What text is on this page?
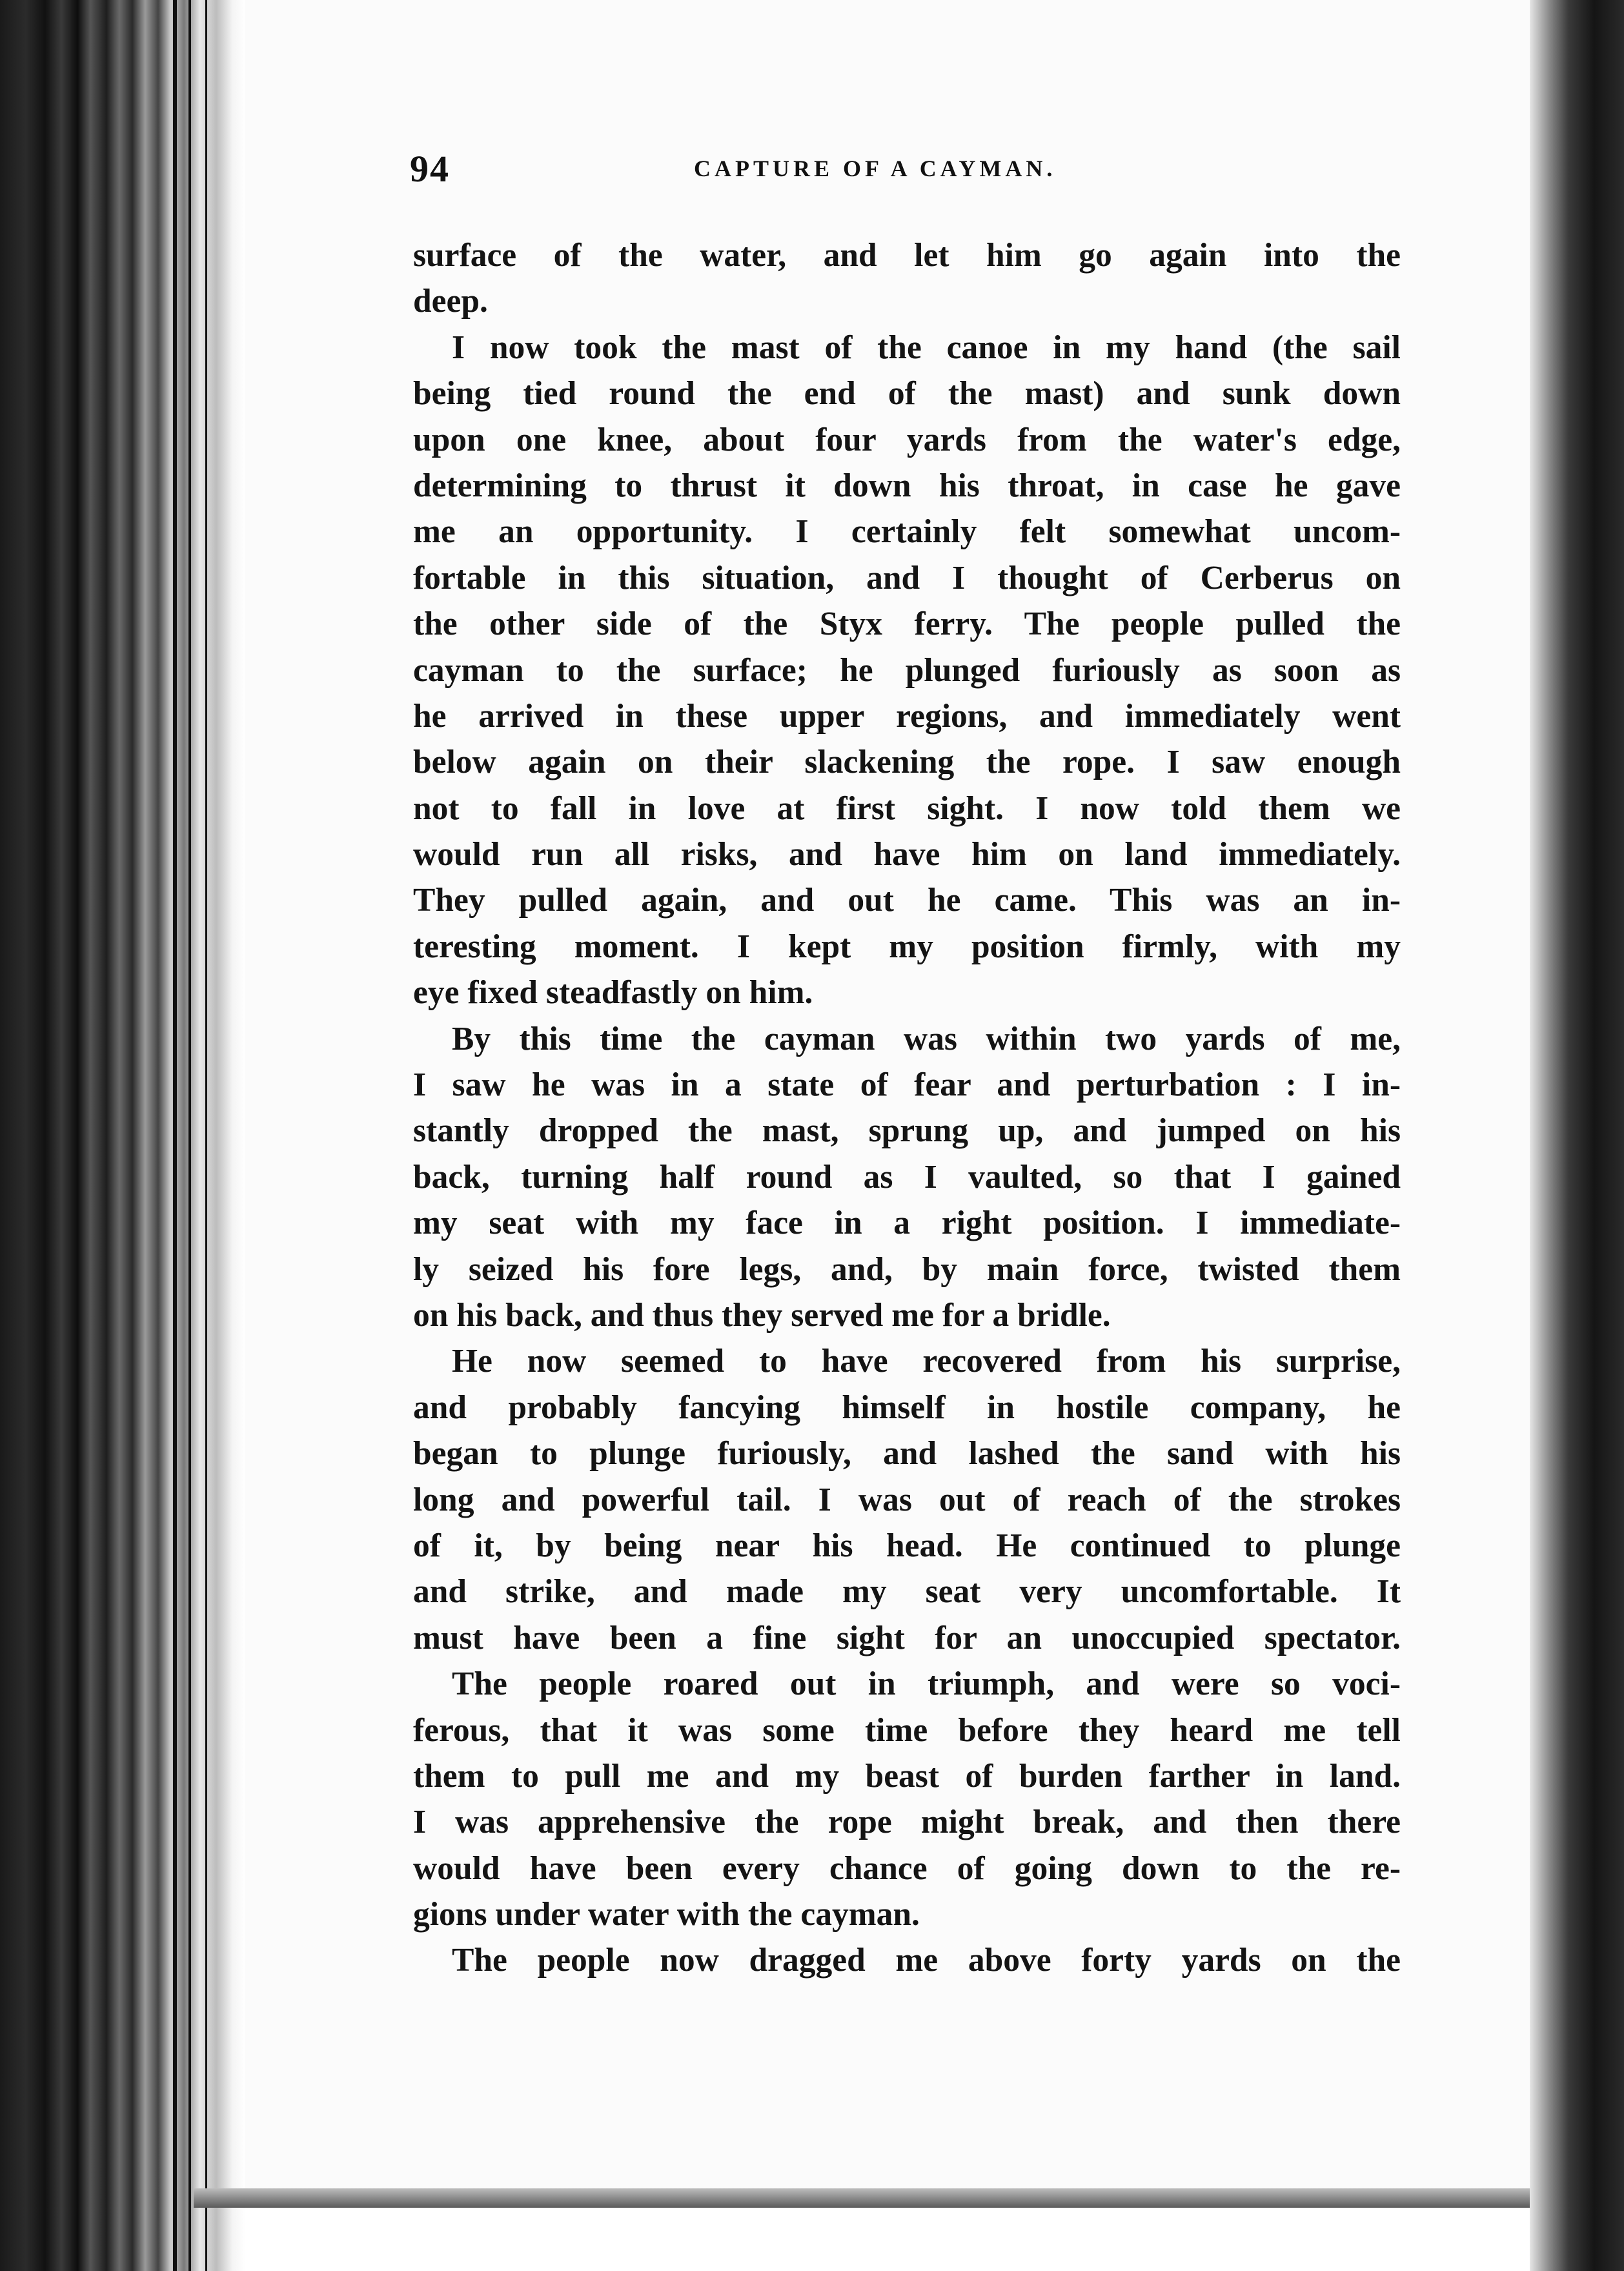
94	CAPTURE OF A CAYMAN.
surface of the water, and let him go again into the
deep.
I now took the mast of the canoe in my hand (the sail
being tied round the end of the mast) and sunk down
upon one knee, about four yards from the water's edge,
determining to thrust it down his throat, in case he gave
me an opportunity. I certainly felt somewhat uncom-
fortable in this situation, and I thought of Cerberus on
the other side of the Styx ferry. The people pulled the
cayman to the surface; he plunged furiously as soon as
he arrived in these upper regions, and immediately went
below again on their slackening the rope. I saw enough
not to fall in love at first sight. I now told them we
would run all risks, and have him on land immediately.
They pulled again, and out he came. This was an in-
teresting moment. I kept my position firmly, with my
eye fixed steadfastly on him.
By this time the cayman was within two yards of me,
I saw he was in a state of fear and perturbation : I in-
stantly dropped the mast, sprung up, and jumped on his
back, turning half round as I vaulted, so that I gained
my seat with my face in a right position. I immediate-
ly seized his fore legs, and, by main force, twisted them
on his back, and thus they served me for a bridle.
He now seemed to have recovered from his surprise,
and probably fancying himself in hostile company, he
began to plunge furiously, and lashed the sand with his
long and powerful tail. I was out of reach of the strokes
of it, by being near his head. He continued to plunge
and strike, and made my seat very uncomfortable. It
must have been a fine sight for an unoccupied spectator.
The people roared out in triumph, and were so voci-
ferous, that it was some time before they heard me tell
them to pull me and my beast of burden farther in land.
I was apprehensive the rope might break, and then there
would have been every chance of going down to the re-
gions under water with the cayman.
The people now dragged me above forty yards on the
